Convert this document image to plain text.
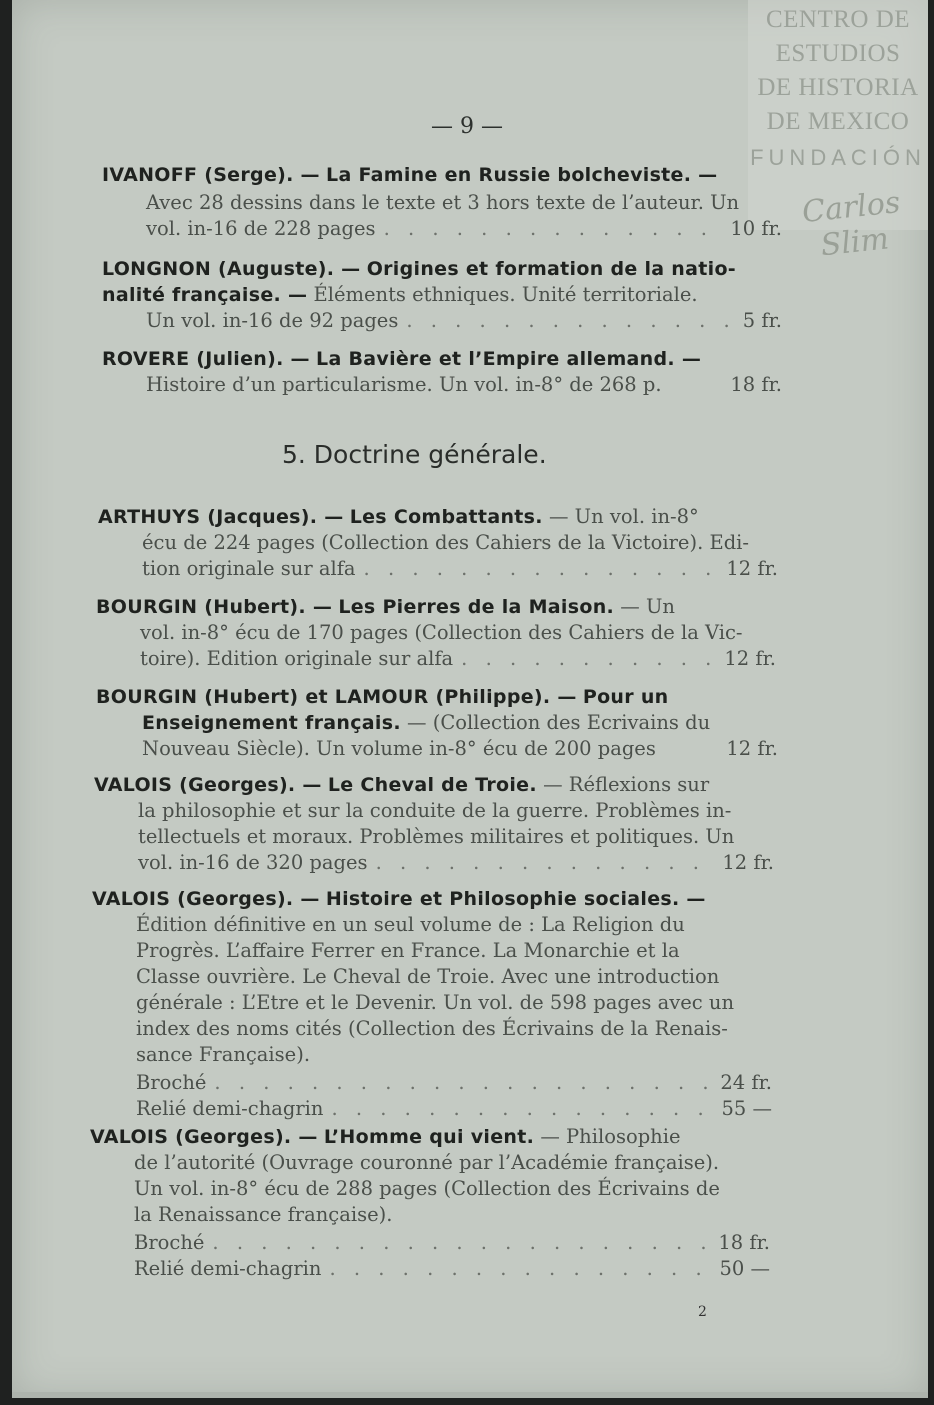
CENTRO DE
ESTUDIOS
DE HISTORIA
DE MEXICO
FUNDACIÓN
Carlos Slim
— 9 —
IVANOFF (Serge). — La Famine en Russie bolcheviste. —
Avec 28 dessins dans le texte et 3 hors texte de l’auteur. Un
vol. in-16 de 228 pages . . .	10 fr.
LONGNON (Auguste). — Origines et formation de la natio-
nalité française. — Éléments ethniques. Unité territoriale.
Un vol. in-16 de 92 pages . . .	5 fr.
ROVERE (Julien). — La Bavière et l’Empire allemand. —
Histoire d’un particularisme. Un vol. in-8° de 268 p.	18 fr.
5. Doctrine générale.
ARTHUYS (Jacques). — Les Combattants. — Un vol. in-8°
écu de 224 pages (Collection des Cahiers de la Victoire). Edi-
tion originale sur alfa . . .	12 fr.
BOURGIN (Hubert). — Les Pierres de la Maison. — Un
vol. in-8° écu de 170 pages (Collection des Cahiers de la Vic-
toire). Edition originale sur alfa . . .	12 fr.
BOURGIN (Hubert) et LAMOUR (Philippe). — Pour un
Enseignement français. — (Collection des Ecrivains du
Nouveau Siècle). Un volume in-8° écu de 200 pages	12 fr.
VALOIS (Georges). — Le Cheval de Troie. — Réflexions sur
la philosophie et sur la conduite de la guerre. Problèmes in-
tellectuels et moraux. Problèmes militaires et politiques. Un
vol. in-16 de 320 pages . . .	12 fr.
VALOIS (Georges). — Histoire et Philosophie sociales. —
Édition définitive en un seul volume de : La Religion du
Progrès. L’affaire Ferrer en France. La Monarchie et la
Classe ouvrière. Le Cheval de Troie. Avec une introduction
générale : L’Etre et le Devenir. Un vol. de 598 pages avec un
index des noms cités (Collection des Écrivains de la Renais-
sance Française).
Broché . . .	24 fr.
Relié demi-chagrin . . .	55 —
VALOIS (Georges). — L’Homme qui vient. — Philosophie
de l’autorité (Ouvrage couronné par l’Académie française).
Un vol. in-8° écu de 288 pages (Collection des Écrivains de
la Renaissance française).
Broché . . .	18 fr.
Relié demi-chagrin . . .	50 —
2
